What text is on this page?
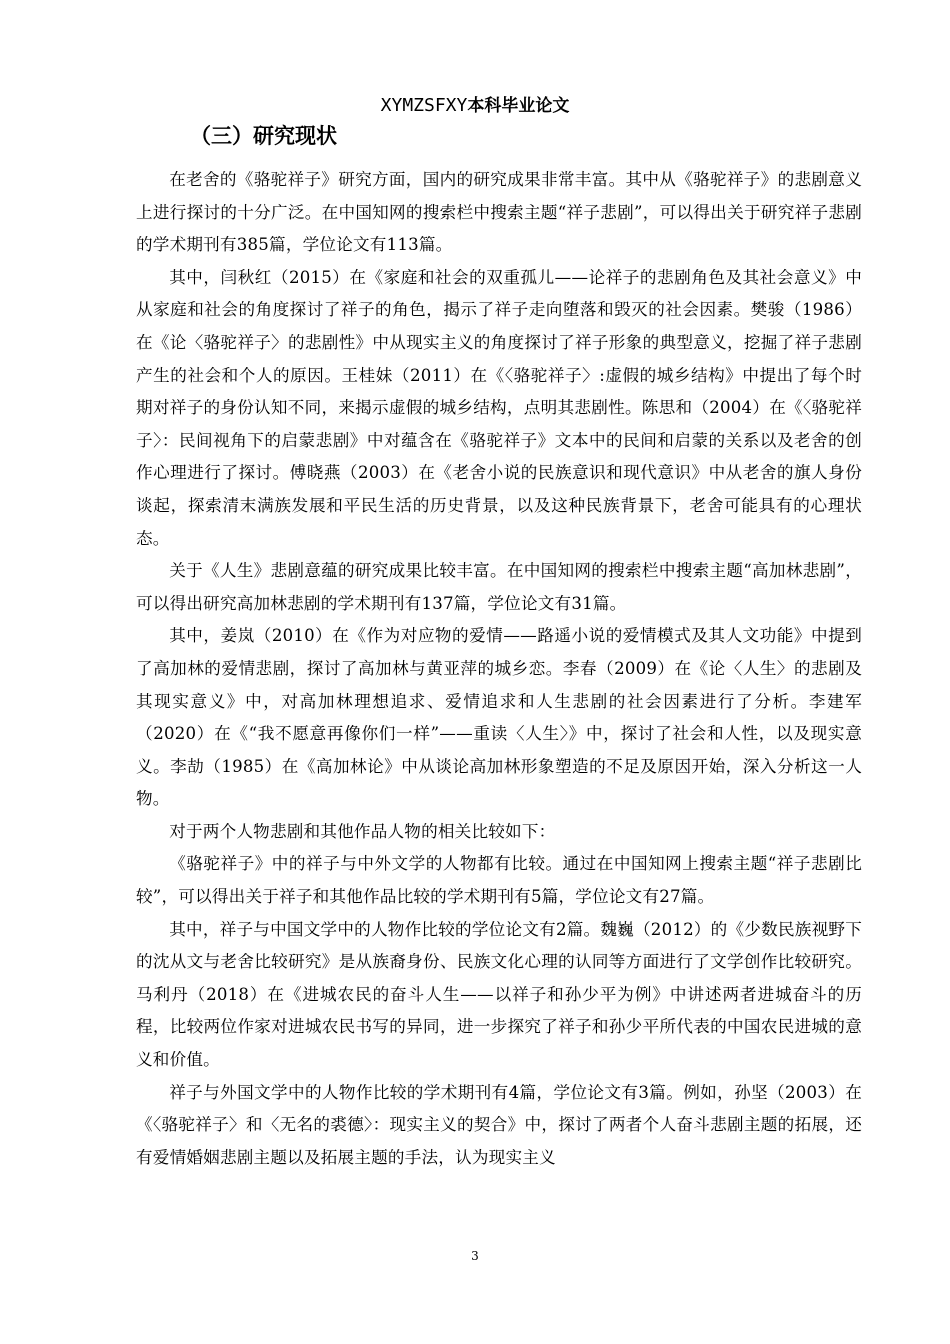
XYMZSFXY本科毕业论文
（三）研究现状

在老舍的《骆驼祥子》研究方面，国内的研究成果非常丰富。其中从《骆驼祥子》的悲剧意义上进行探讨的十分广泛。在中国知网的搜索栏中搜索主题“祥子悲剧”，可以得出关于研究祥子悲剧的学术期刊有385篇，学位论文有113篇。

其中，闫秋红（2015）在《家庭和社会的双重孤儿——论祥子的悲剧角色及其社会意义》中从家庭和社会的角度探讨了祥子的角色，揭示了祥子走向堕落和毁灭的社会因素。樊骏（1986）在《论〈骆驼祥子〉的悲剧性》中从现实主义的角度探讨了祥子形象的典型意义，挖掘了祥子悲剧产生的社会和个人的原因。王桂妹（2011）在《〈骆驼祥子〉:虚假的城乡结构》中提出了每个时期对祥子的身份认知不同，来揭示虚假的城乡结构，点明其悲剧性。陈思和（2004）在《〈骆驼祥子〉：民间视角下的启蒙悲剧》中对蕴含在《骆驼祥子》文本中的民间和启蒙的关系以及老舍的创作心理进行了探讨。傅晓燕（2003）在《老舍小说的民族意识和现代意识》中从老舍的旗人身份谈起，探索清末满族发展和平民生活的历史背景，以及这种民族背景下，老舍可能具有的心理状态。

关于《人生》悲剧意蕴的研究成果比较丰富。在中国知网的搜索栏中搜索主题“高加林悲剧”，可以得出研究高加林悲剧的学术期刊有137篇，学位论文有31篇。

其中，姜岚（2010）在《作为对应物的爱情——路遥小说的爱情模式及其人文功能》中提到了高加林的爱情悲剧，探讨了高加林与黄亚萍的城乡恋。李春（2009）在《论〈人生〉的悲剧及其现实意义》中，对高加林理想追求、爱情追求和人生悲剧的社会因素进行了分析。李建军（2020）在《“我不愿意再像你们一样”——重读〈人生〉》中，探讨了社会和人性，以及现实意义。李劼（1985）在《高加林论》中从谈论高加林形象塑造的不足及原因开始，深入分析这一人物。

对于两个人物悲剧和其他作品人物的相关比较如下：

《骆驼祥子》中的祥子与中外文学的人物都有比较。通过在中国知网上搜索主题“祥子悲剧比较”，可以得出关于祥子和其他作品比较的学术期刊有5篇，学位论文有27篇。

其中，祥子与中国文学中的人物作比较的学位论文有2篇。魏巍（2012）的《少数民族视野下的沈从文与老舍比较研究》是从族裔身份、民族文化心理的认同等方面进行了文学创作比较研究。马利丹（2018）在《进城农民的奋斗人生——以祥子和孙少平为例》中讲述两者进城奋斗的历程，比较两位作家对进城农民书写的异同，进一步探究了祥子和孙少平所代表的中国农民进城的意义和价值。

祥子与外国文学中的人物作比较的学术期刊有4篇，学位论文有3篇。例如，孙坚（2003）在《〈骆驼祥子〉和〈无名的裘德〉：现实主义的契合》中，探讨了两者个人奋斗悲剧主题的拓展，还有爱情婚姻悲剧主题以及拓展主题的手法，认为现实主义

3
